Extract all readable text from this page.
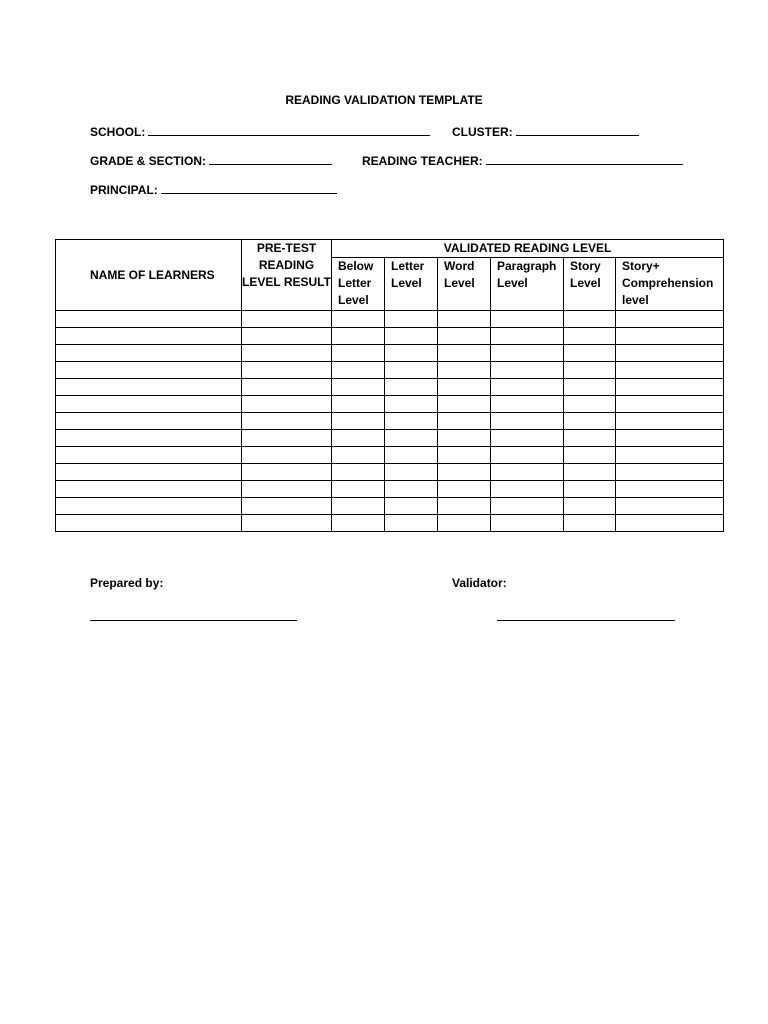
READING VALIDATION TEMPLATE
SCHOOL:	CLUSTER:
GRADE & SECTION:	READING TEACHER:
PRINCIPAL:
NAME OF LEARNERS	PRE-TEST READING LEVEL RESULT	VALIDATED READING LEVEL					
		Below Letter Level	Letter Level	Word Level	Paragraph Level	Story Level	Story+ Comprehension level

Prepared by:	Validator:
